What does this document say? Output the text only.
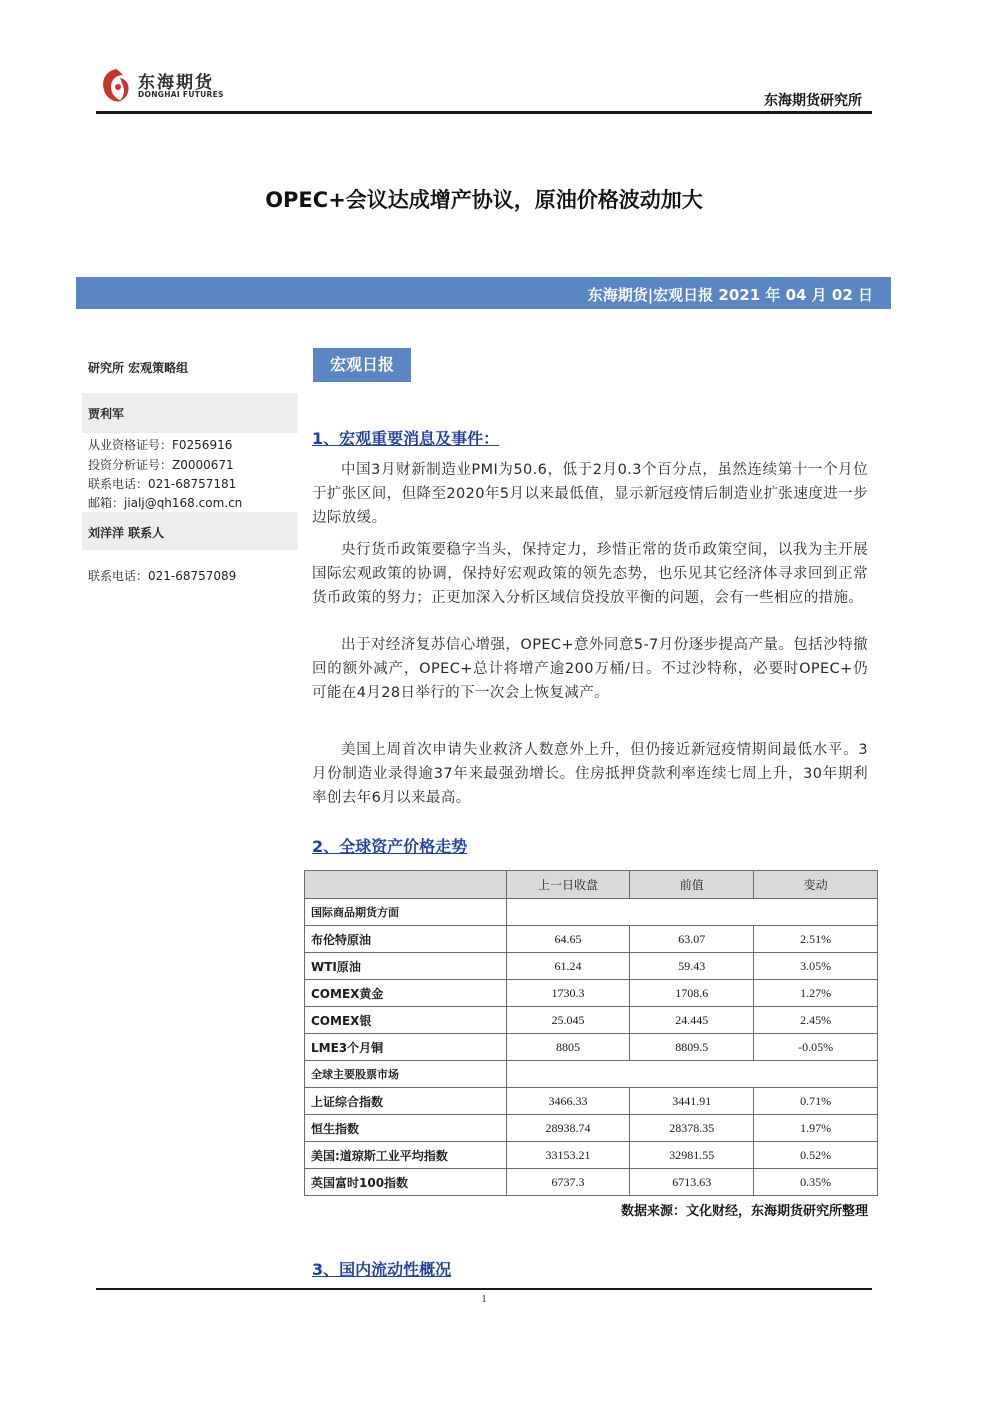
东海期货
DONGHAI FUTURES	东海期货研究所
OPEC+会议达成增产协议，原油价格波动加大
东海期货|宏观日报 2021 年 04 月 02 日
研究所 宏观策略组
贾利军
从业资格证号：F0256916
投资分析证号：Z0000671
联系电话：021-68757181
邮箱：jialj@qh168.com.cn
刘洋洋 联系人
联系电话：021-68757089
宏观日报
1、宏观重要消息及事件：
中国3月财新制造业PMI为50.6，低于2月0.3个百分点，虽然连续第十一个月位于扩张区间，但降至2020年5月以来最低值，显示新冠疫情后制造业扩张速度进一步边际放缓。
央行货币政策要稳字当头，保持定力，珍惜正常的货币政策空间，以我为主开展国际宏观政策的协调，保持好宏观政策的领先态势，也乐见其它经济体寻求回到正常货币政策的努力；正更加深入分析区域信贷投放平衡的问题，会有一些相应的措施。
出于对经济复苏信心增强，OPEC+意外同意5-7月份逐步提高产量。包括沙特撤回的额外减产，OPEC+总计将增产逾200万桶/日。不过沙特称，必要时OPEC+仍可能在4月28日举行的下一次会上恢复减产。
美国上周首次申请失业救济人数意外上升，但仍接近新冠疫情期间最低水平。3月份制造业录得逾37年来最强劲增长。住房抵押贷款利率连续七周上升，30年期利率创去年6月以来最高。
2、全球资产价格走势
	上一日收盘	前值	变动
国际商品期货方面			
布伦特原油	64.65	63.07	2.51%
WTI原油	61.24	59.43	3.05%
COMEX黄金	1730.3	1708.6	1.27%
COMEX银	25.045	24.445	2.45%
LME3个月铜	8805	8809.5	-0.05%
全球主要股票市场			
上证综合指数	3466.33	3441.91	0.71%
恒生指数	28938.74	28378.35	1.97%
美国:道琼斯工业平均指数	33153.21	32981.55	0.52%
英国富时100指数	6737.3	6713.63	0.35%
数据来源：文化财经，东海期货研究所整理
3、国内流动性概况
1
